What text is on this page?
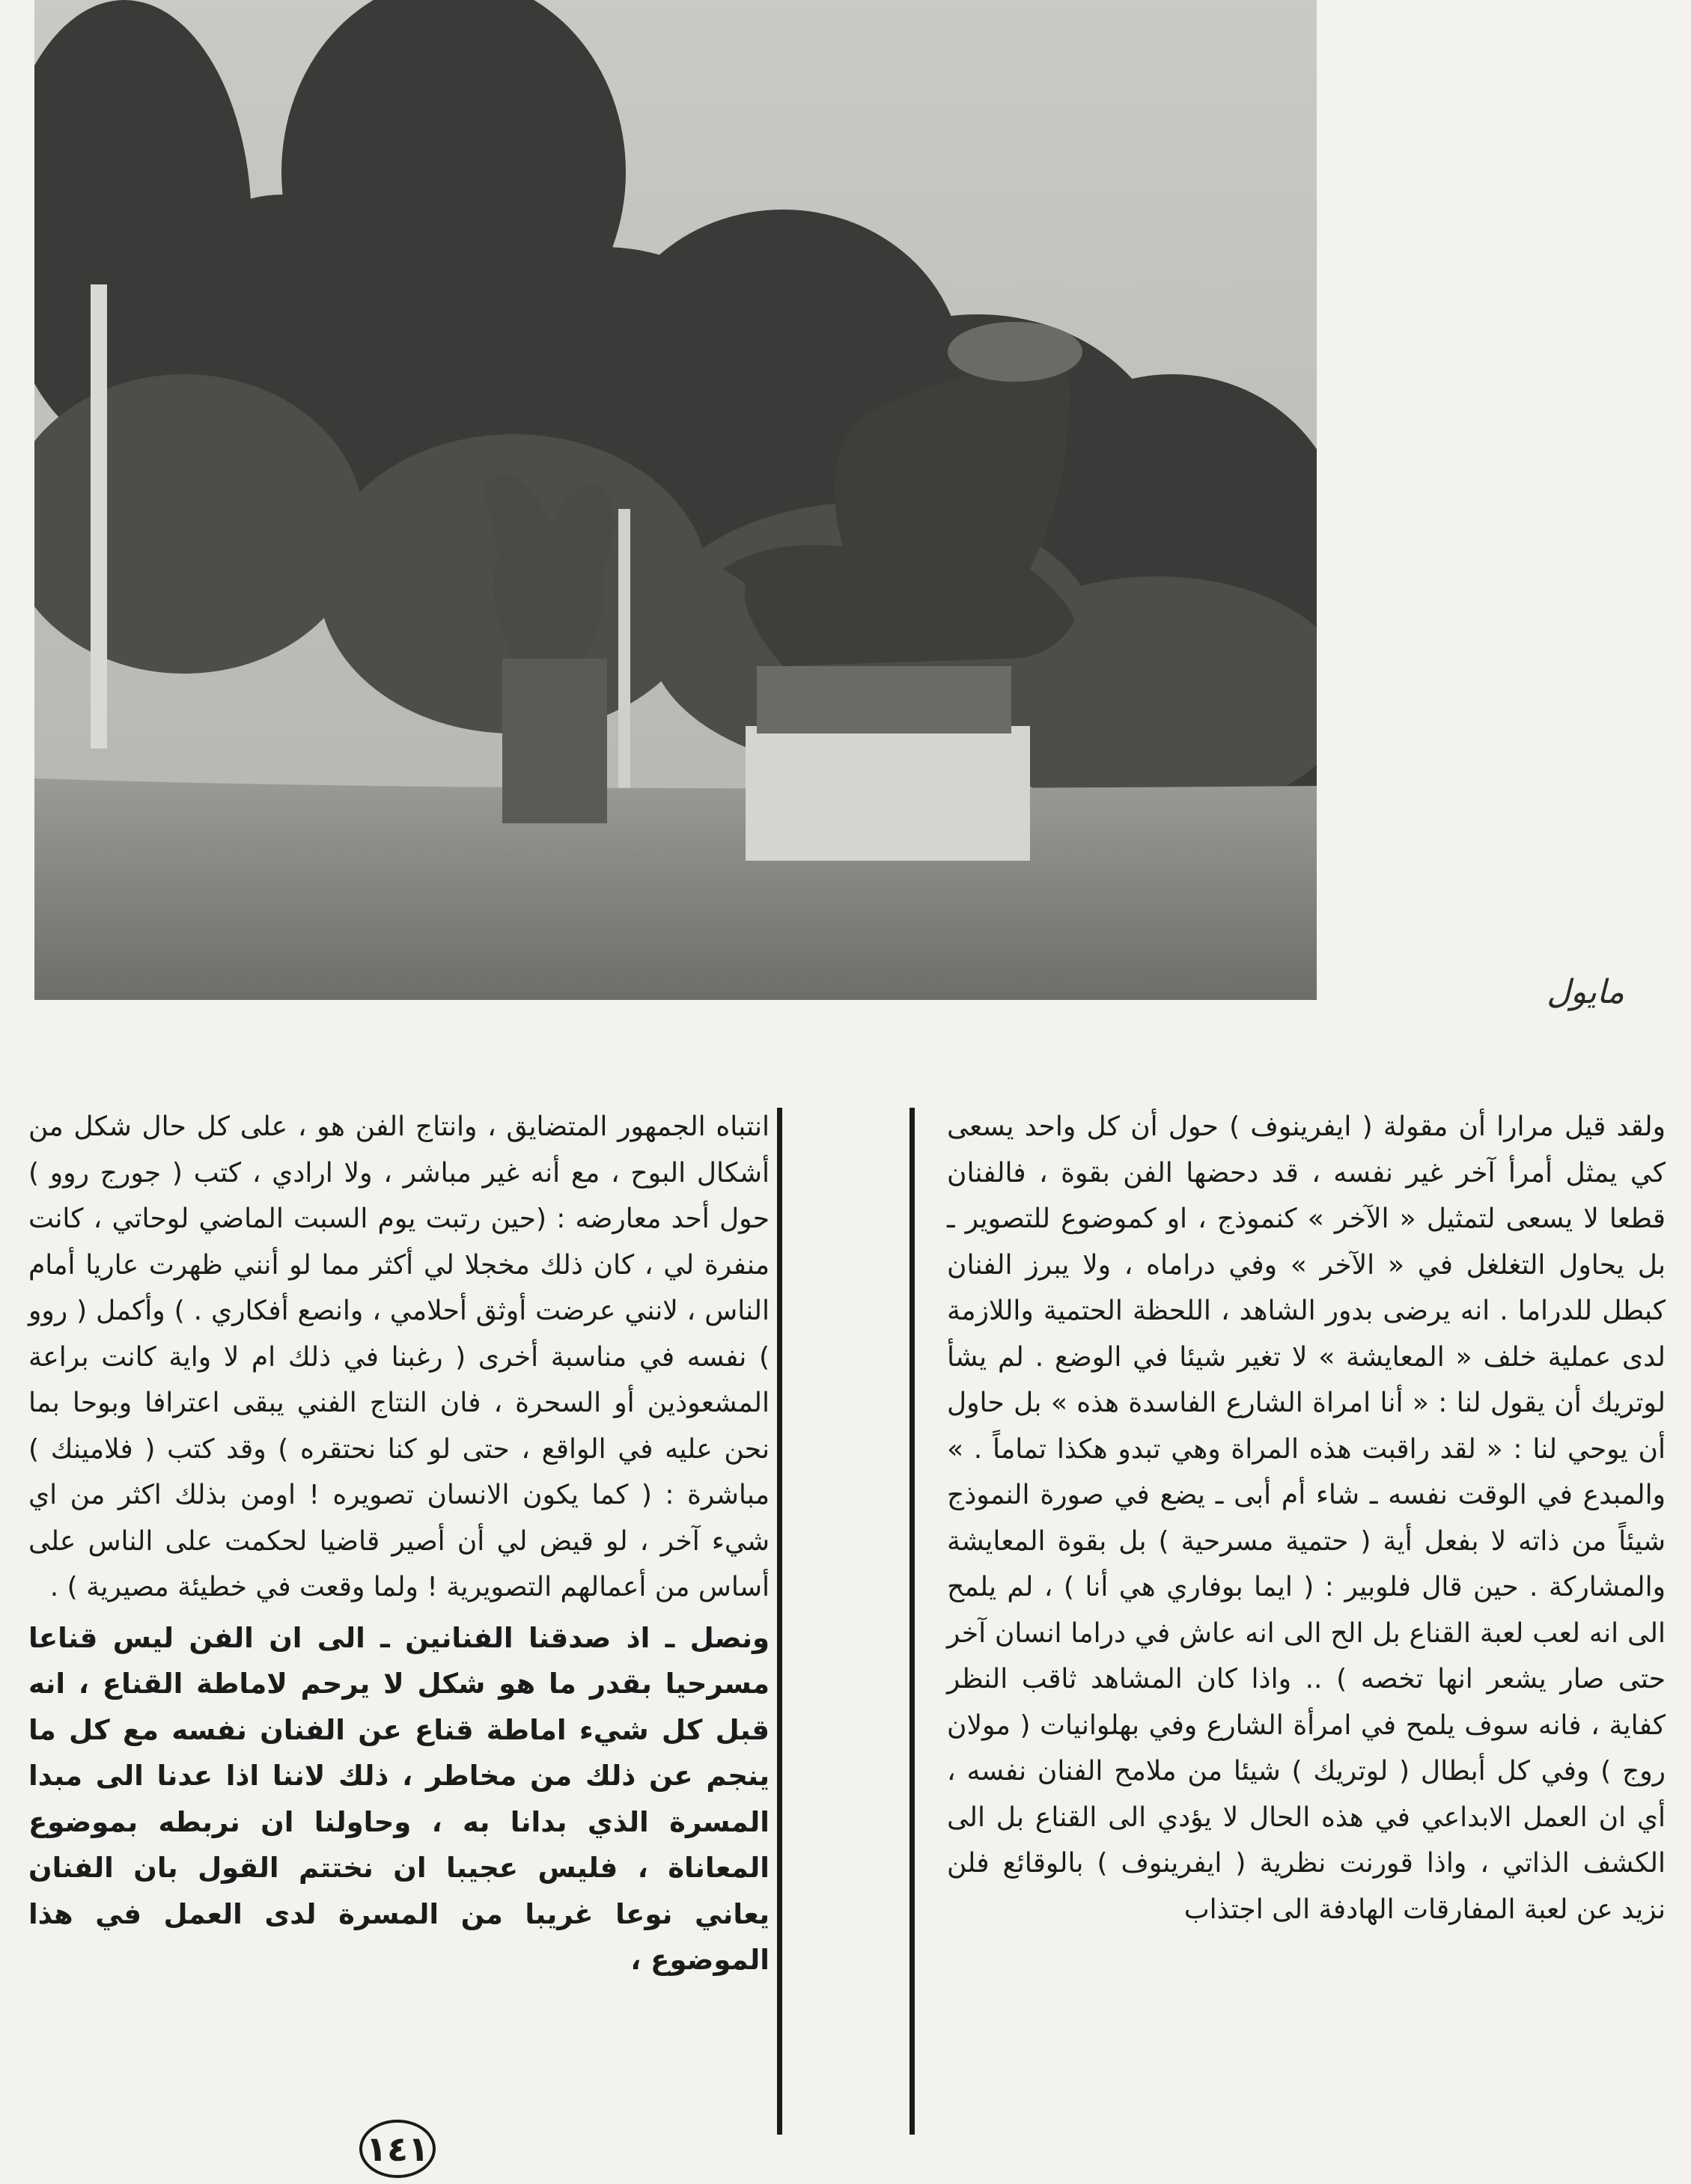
مايول

ولقد قيل مرارا أن مقولة ( ايفرينوف ) حول أن كل واحد يسعى كي يمثل أمرأ آخر غير نفسه ، قد دحضها الفن بقوة ، فالفنان قطعا لا يسعى لتمثيل « الآخر » كنموذج ، او كموضوع للتصوير ـ بل يحاول التغلغل في « الآخر » وفي دراماه ، ولا يبرز الفنان كبطل للدراما . انه يرضى بدور الشاهد ، اللحظة الحتمية واللازمة لدى عملية خلف « المعايشة » لا تغير شيئا في الوضع . لم يشأ لوتريك أن يقول لنا : « أنا امراة الشارع الفاسدة هذه » بل حاول أن يوحي لنا : « لقد راقبت هذه المراة وهي تبدو هكذا تماماً . » والمبدع في الوقت نفسه ـ شاء أم أبى ـ يضع في صورة النموذج شيئاً من ذاته لا بفعل أية ( حتمية مسرحية ) بل بقوة المعايشة والمشاركة . حين قال فلوبير : ( ايما بوفاري هي أنا ) ، لم يلمح الى انه لعب لعبة القناع بل الح الى انه عاش في دراما انسان آخر حتى صار يشعر انها تخصه ) .. واذا كان المشاهد ثاقب النظر كفاية ، فانه سوف يلمح في امرأة الشارع وفي بهلوانيات ( مولان روج ) وفي كل أبطال ( لوتريك ) شيئا من ملامح الفنان نفسه ، أي ان العمل الابداعي في هذه الحال لا يؤدي الى القناع بل الى الكشف الذاتي ، واذا قورنت نظرية ( ايفرينوف ) بالوقائع فلن نزيد عن لعبة المفارقات الهادفة الى اجتذاب

انتباه الجمهور المتضايق ، وانتاج الفن هو ، على كل حال شكل من أشكال البوح ، مع أنه غير مباشر ، ولا ارادي ، كتب ( جورج روو ) حول أحد معارضه : (حين رتبت يوم السبت الماضي لوحاتي ، كانت منفرة لي ، كان ذلك مخجلا لي أكثر مما لو أنني ظهرت عاريا أمام الناس ، لانني عرضت أوثق أحلامي ، وانصع أفكاري . ) وأكمل ( روو ) نفسه في مناسبة أخرى ( رغبنا في ذلك ام لا واية كانت براعة المشعوذين أو السحرة ، فان النتاج الفني يبقى اعترافا وبوحا بما نحن عليه في الواقع ، حتى لو كنا نحتقره ) وقد كتب ( فلامينك ) مباشرة : ( كما يكون الانسان تصويره ! اومن بذلك اكثر من اي شيء آخر ، لو قيض لي أن أصير قاضيا لحكمت على الناس على أساس من أعمالهم التصويرية ! ولما وقعت في خطيئة مصيرية ) .

ونصل ـ اذ صدقنا الفنانين ـ الى ان الفن ليس قناعا مسرحيا بقدر ما هو شكل لا يرحم لاماطة القناع ، انه قبل كل شيء اماطة قناع عن الفنان نفسه مع كل ما ينجم عن ذلك من مخاطر ، ذلك لاننا اذا عدنا الى مبدا المسرة الذي بدانا به ، وحاولنا ان نربطه بموضوع المعاناة ، فليس عجيبا ان نختتم القول بان الفنان يعاني نوعا غريبا من المسرة لدى العمل في هذا الموضوع ،

١٤١
